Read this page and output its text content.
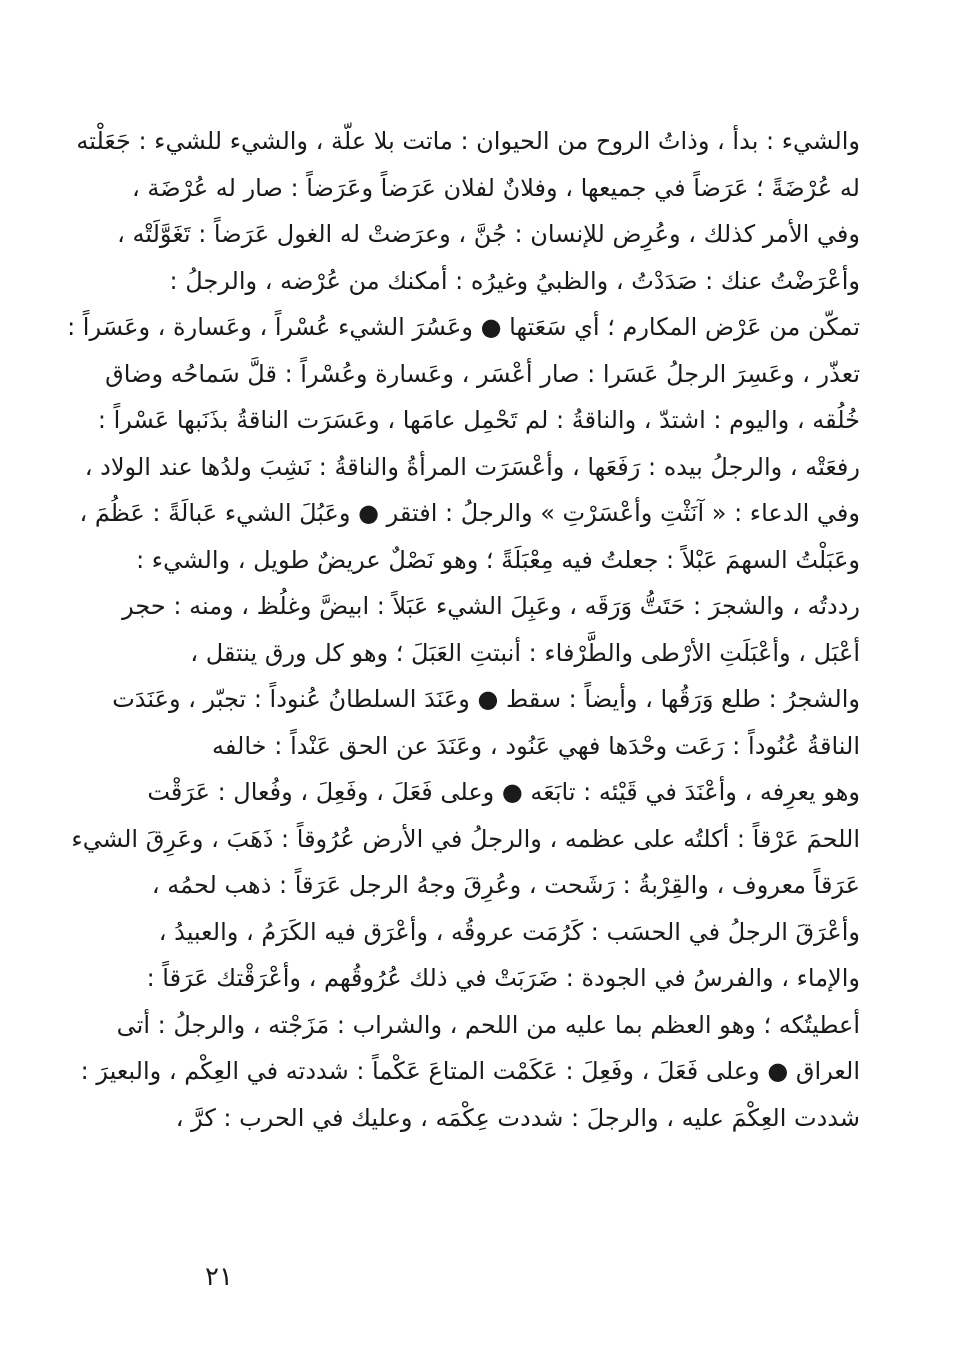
والشيء : بدأ ، وذاتُ الروح من الحيوان : ماتت بلا علّة ، والشيء للشيء : جَعَلْته
له عُرْضَةً ؛ عَرَضاً في جميعها ، وفلانٌ لفلان عَرَضاً وعَرَضاً : صار له عُرْضَة ،
وفي الأمر كذلك ، وعُرِض للإنسان : جُنَّ ، وعرَضتْ له الغول عَرَضاً : تَغَوَّلَتْه ،
وأعْرَضْتُ عنك : صَدَدْتُ ، والظبيُ وغيرُه : أمكنك من عُرْضه ، والرجلُ :
تمكّن من عَرْض المكارم ؛ أي سَعَتها ● وعَسُرَ الشيء عُسْراً ، وعَسارة ، وعَسَراً :
تعذّر ، وعَسِرَ الرجلُ عَسَرا : صار أعْسَر ، وعَسارة وعُسْراً : قلَّ سَماحُه وضاق
خُلُقه ، واليوم : اشتدّ ، والناقةُ : لم تَحْمِل عامَها ، وعَسَرَت الناقةُ بذَنَبها عَسْراً :
رفعَتْه ، والرجلُ بيده : رَفَعَها ، وأعْسَرَت المرأةُ والناقةُ : نَشِبَ ولدُها عند الولاد ،
وفي الدعاء : « آنَثْتِ وأعْسَرْتِ » والرجلُ : افتقر ● وعَبُلَ الشيء عَبالَةً : عَظُمَ ،
وعَبَلْتُ السهمَ عَبْلاً : جعلتُ فيه مِعْبَلَةً ؛ وهو نَصْلٌ عريضٌ طويل ، والشيء :
رددتُه ، والشجرَ : حَتَتُّ وَرَقَه ، وعَبِلَ الشيء عَبَلاً : ابيضَّ وغلُظ ، ومنه : حجر
أعْبَل ، وأعْبَلَتِ الأرْطى والطَّرْفاء : أنبتتِ العَبَلَ ؛ وهو كل ورق ينتقل ،
والشجرُ : طلع وَرَقُها ، وأيضاً : سقط ● وعَنَدَ السلطانُ عُنوداً : تجبّر ، وعَنَدَت
الناقةُ عُنُوداً : رَعَت وحْدَها فهي عَنُود ، وعَنَدَ عن الحق عَنْداً : خالفه
وهو يعرِفه ، وأعْنَدَ في قَيْئه : تابَعَه ● وعلى فَعَلَ ، وفَعِلَ ، وفُعال : عَرَقْت
اللحمَ عَرْقاً : أكلتُه على عظمه ، والرجلُ في الأرض عُرُوقاً : ذَهَبَ ، وعَرِقَ الشيء
عَرَقاً معروف ، والقِرْبةُ : رَشَحت ، وعُرِقَ وجهُ الرجل عَرَقاً : ذهب لحمُه ،
وأعْرَقَ الرجلُ في الحسَب : كَرُمَت عروقُه ، وأعْرَق فيه الكَرَمُ ، والعبيدُ ،
والإماء ، والفرسُ في الجودة : ضَرَبَتْ في ذلك عُرُوقُهم ، وأعْرَقْتك عَرَقاً :
أعطيتُكه ؛ وهو العظم بما عليه من اللحم ، والشراب : مَزَجْته ، والرجلُ : أتى
العراق ● وعلى فَعَلَ ، وفَعِلَ : عَكَمْت المتاعَ عَكْماً : شددته في العِكْم ، والبعيرَ :
شددت العِكْمَ عليه ، والرجلَ : شددت عِكْمَه ، وعليك في الحرب : كرَّ ،
٢١
